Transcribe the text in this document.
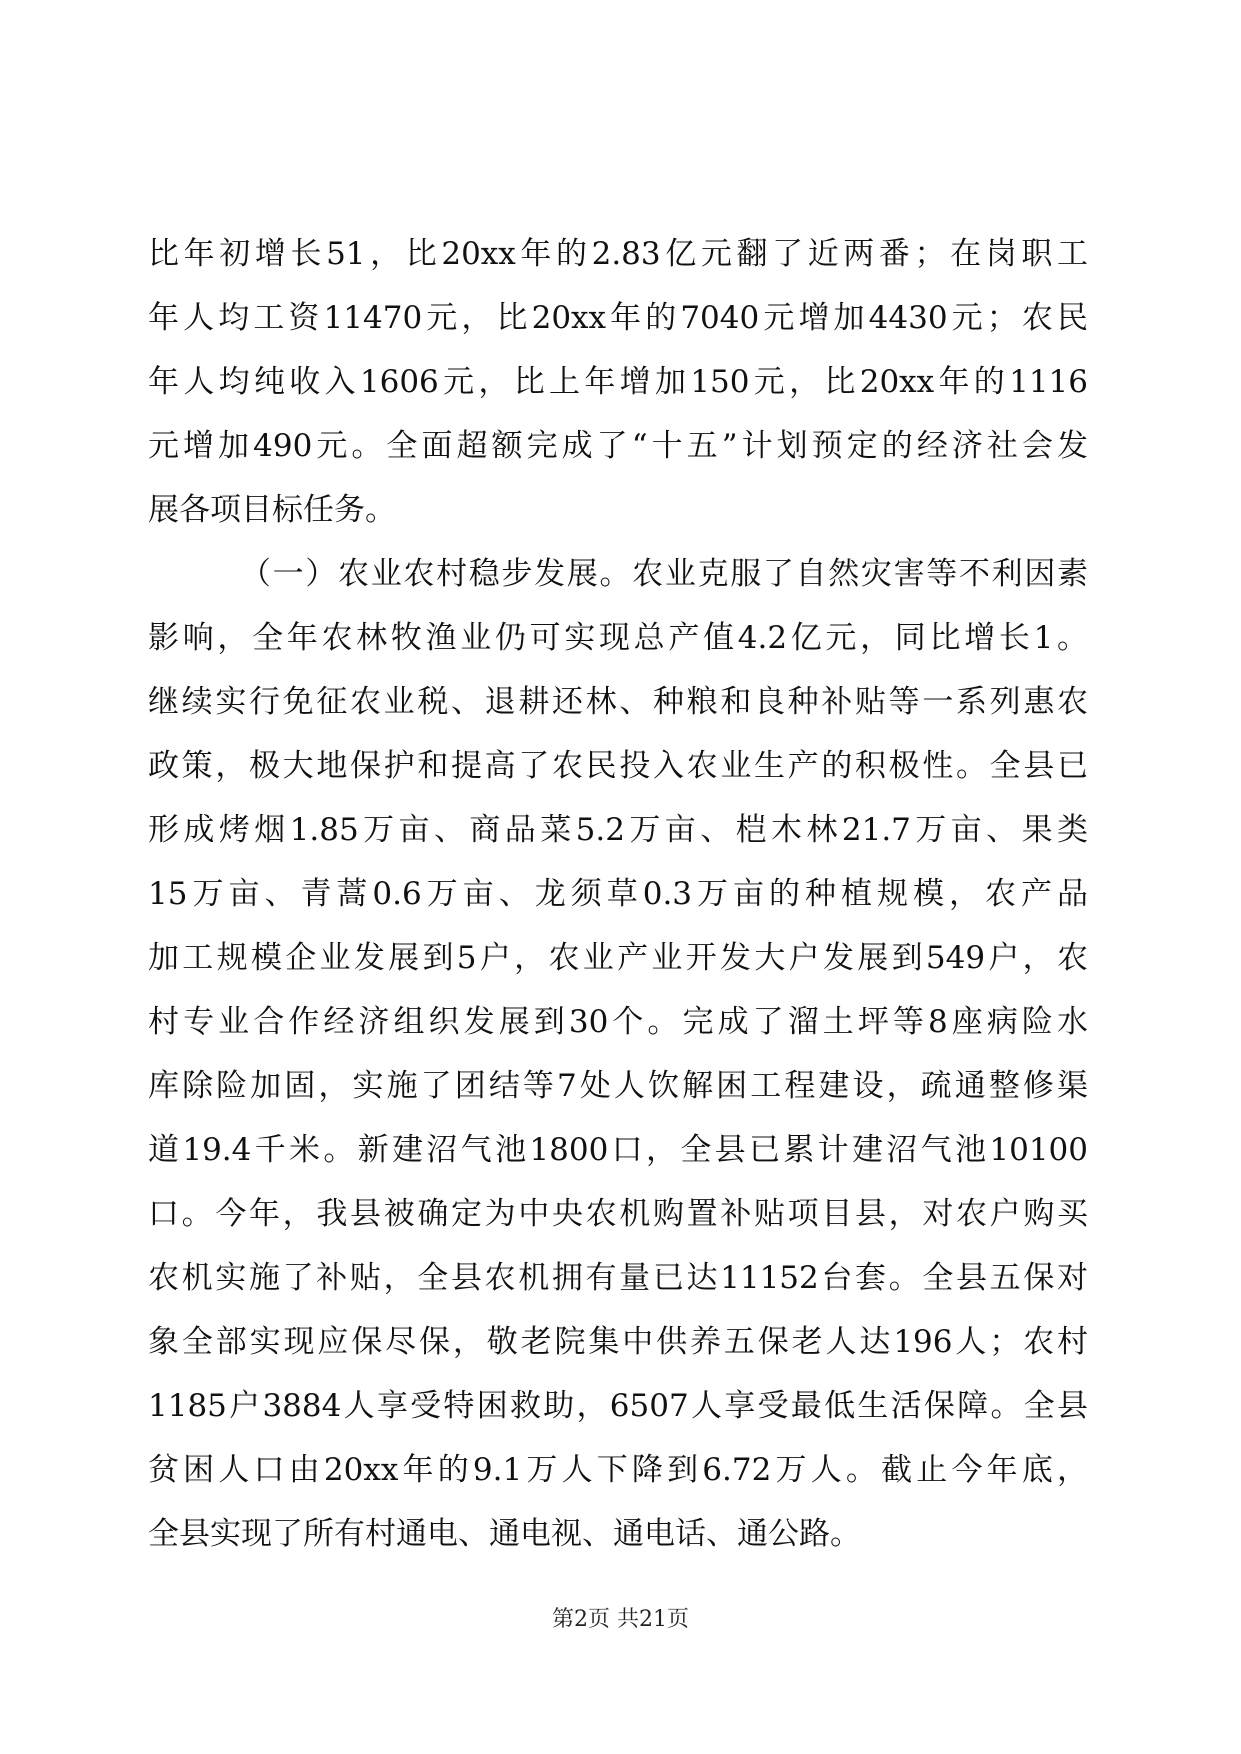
比年初增长51，比20xx年的2.83亿元翻了近两番；在岗职工
年人均工资11470元，比20xx年的7040元增加4430元；农民
年人均纯收入1606元，比上年增加150元，比20xx年的1116
元增加490元。全面超额完成了“十五”计划预定的经济社会发
展各项目标任务。
（一）农业农村稳步发展。农业克服了自然灾害等不利因素
影响，全年农林牧渔业仍可实现总产值4.2亿元，同比增长1。
继续实行免征农业税、退耕还林、种粮和良种补贴等一系列惠农
政策，极大地保护和提高了农民投入农业生产的积极性。全县已
形成烤烟1.85万亩、商品菜5.2万亩、桤木林21.7万亩、果类
15万亩、青蒿0.6万亩、龙须草0.3万亩的种植规模，农产品
加工规模企业发展到5户，农业产业开发大户发展到549户，农
村专业合作经济组织发展到30个。完成了溜土坪等8座病险水
库除险加固，实施了团结等7处人饮解困工程建设，疏通整修渠
道19.4千米。新建沼气池1800口，全县已累计建沼气池10100
口。今年，我县被确定为中央农机购置补贴项目县，对农户购买
农机实施了补贴，全县农机拥有量已达11152台套。全县五保对
象全部实现应保尽保，敬老院集中供养五保老人达196人；农村
1185户3884人享受特困救助，6507人享受最低生活保障。全县
贫困人口由20xx年的9.1万人下降到6.72万人。截止今年底，
全县实现了所有村通电、通电视、通电话、通公路。
第2页 共21页
